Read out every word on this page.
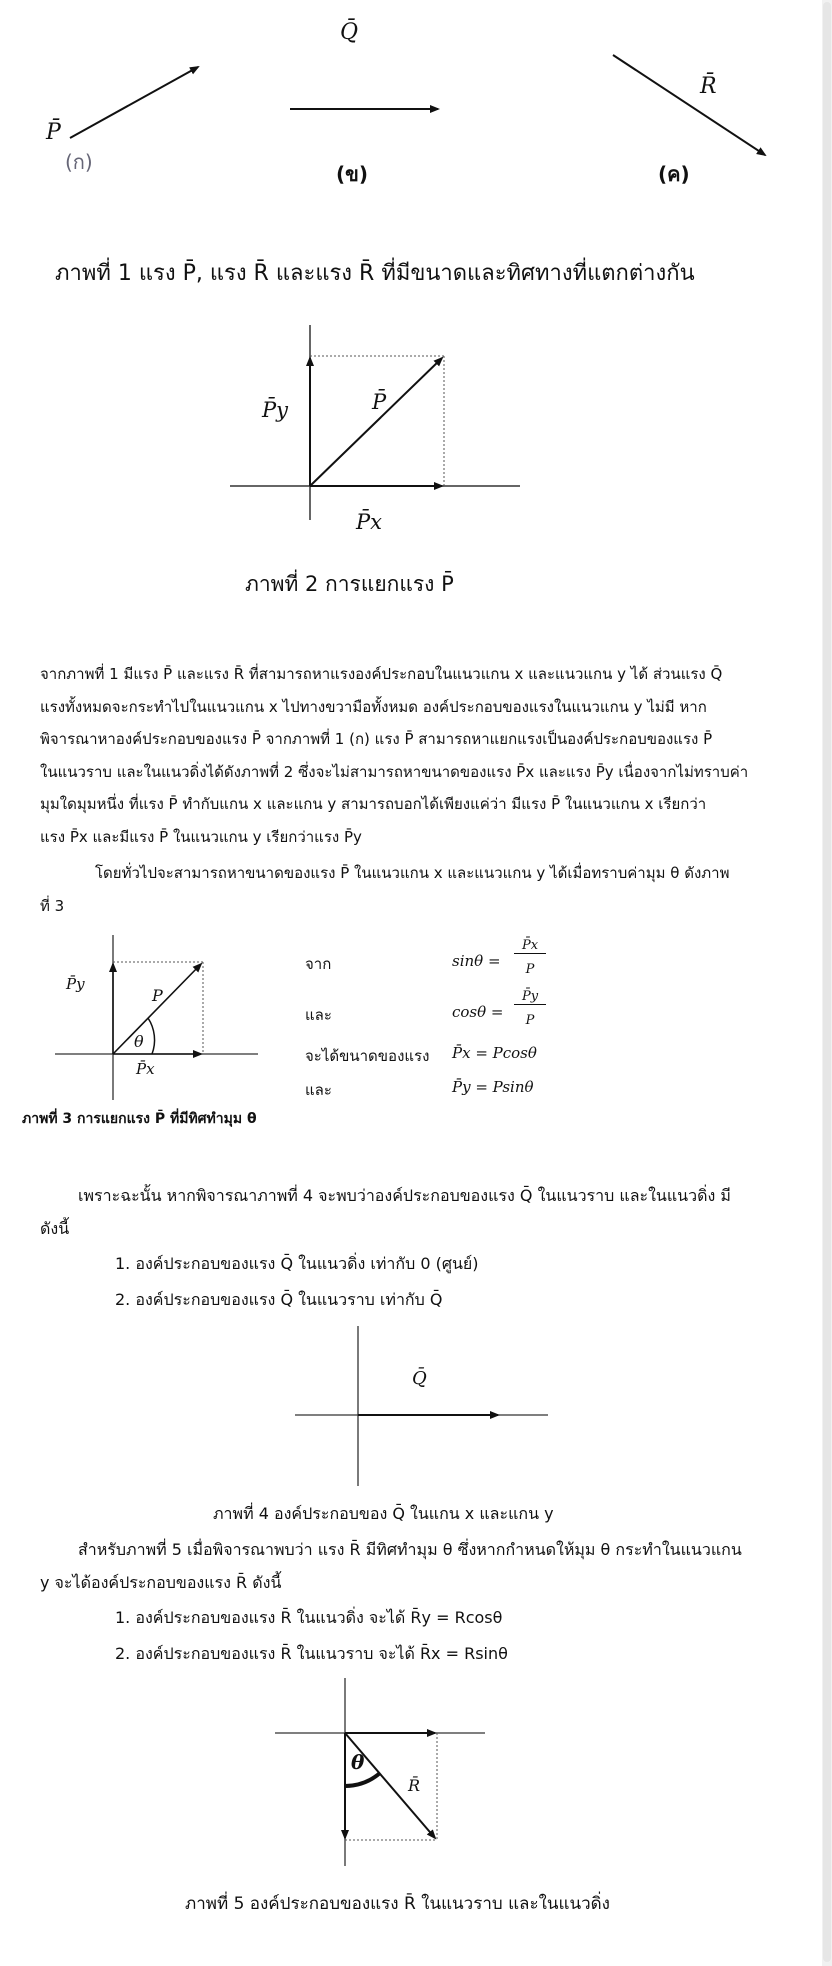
P̄
(ก)
Q̄
(ข)
R̄
(ค)
ภาพที่ 1 แรง P̄, แรง R̄ และแรง R̄ ที่มีขนาดและทิศทางที่แตกต่างกัน
P̄y	P̄
P̄x
ภาพที่ 2 การแยกแรง P̄

จากภาพที่ 1 มีแรง P̄ และแรง R̄ ที่สามารถหาแรงองค์ประกอบในแนวแกน x และแนวแกน y ได้ ส่วนแรง Q̄

แรงทั้งหมดจะกระทำไปในแนวแกน x ไปทางขวามือทั้งหมด องค์ประกอบของแรงในแนวแกน y ไม่มี หาก

พิจารณาหาองค์ประกอบของแรง P̄ จากภาพที่ 1 (ก) แรง P̄ สามารถหาแยกแรงเป็นองค์ประกอบของแรง P̄

ในแนวราบ และในแนวดิ่งได้ดังภาพที่ 2 ซึ่งจะไม่สามารถหาขนาดของแรง P̄x และแรง P̄y เนื่องจากไม่ทราบค่า

มุมใดมุมหนึ่ง ที่แรง P̄ ทำกับแกน x และแกน y สามารถบอกได้เพียงแค่ว่า มีแรง P̄ ในแนวแกน x เรียกว่า

แรง P̄x และมีแรง P̄ ในแนวแกน y เรียกว่าแรง P̄y

โดยทั่วไปจะสามารถหาขนาดของแรง P̄ ในแนวแกน x และแนวแกน y ได้เมื่อทราบค่ามุม θ ดังภาพ

ที่ 3

P̄y
P
θ
P̄x
ภาพที่ 3 การแยกแรง P̄ ที่มีทิศทำมุม θ
จาก	sinθ =
P̄x
P
และ	cosθ =
P̄y
P
จะได้ขนาดของแรง P̄x = Pcosθ
และ	P̄y = Psinθ

เพราะฉะนั้น หากพิจารณาภาพที่ 4 จะพบว่าองค์ประกอบของแรง Q̄ ในแนวราบ และในแนวดิ่ง มี

ดังนี้

1. องค์ประกอบของแรง Q̄ ในแนวดิ่ง เท่ากับ 0 (ศูนย์)
2. องค์ประกอบของแรง Q̄ ในแนวราบ เท่ากับ Q̄
Q̄
ภาพที่ 4 องค์ประกอบของ Q̄ ในแกน x และแกน y

สำหรับภาพที่ 5 เมื่อพิจารณาพบว่า แรง R̄ มีทิศทำมุม θ ซึ่งหากกำหนดให้มุม θ กระทำในแนวแกน

y จะได้องค์ประกอบของแรง R̄ ดังนี้

1. องค์ประกอบของแรง R̄ ในแนวดิ่ง จะได้ R̄y = Rcosθ
2. องค์ประกอบของแรง R̄ ในแนวราบ จะได้ R̄x = Rsinθ
θ
R̄
ภาพที่ 5 องค์ประกอบของแรง R̄ ในแนวราบ และในแนวดิ่ง
